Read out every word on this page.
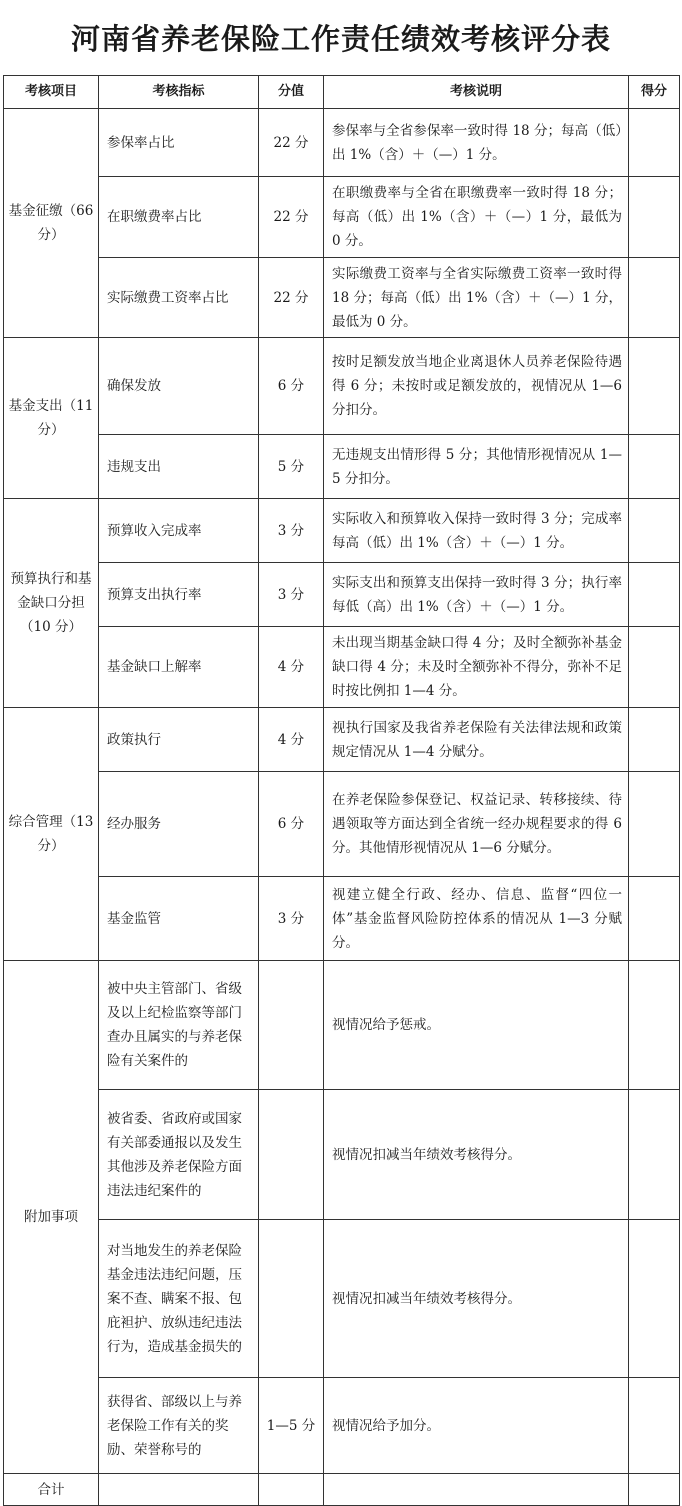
河南省养老保险工作责任绩效考核评分表
考核项目	考核指标	分值	考核说明	得分
基金征缴（66 分）	参保率占比	22 分	参保率与全省参保率一致时得 18 分；每高（低）出 1%（含）＋（—）1 分。	
	在职缴费率占比	22 分	在职缴费率与全省在职缴费率一致时得 18 分；每高（低）出 1%（含）＋（—）1 分，最低为 0 分。	
	实际缴费工资率占比	22 分	实际缴费工资率与全省实际缴费工资率一致时得 18 分；每高（低）出 1%（含）＋（—）1 分，最低为 0 分。	
基金支出（11 分）	确保发放	6 分	按时足额发放当地企业离退休人员养老保险待遇得 6 分；未按时或足额发放的，视情况从 1—6 分扣分。	
	违规支出	5 分	无违规支出情形得 5 分；其他情形视情况从 1—5 分扣分。	
预算执行和基金缺口分担（10 分）	预算收入完成率	3 分	实际收入和预算收入保持一致时得 3 分；完成率每高（低）出 1%（含）＋（—）1 分。	
	预算支出执行率	3 分	实际支出和预算支出保持一致时得 3 分；执行率每低（高）出 1%（含）＋（—）1 分。	
	基金缺口上解率	4 分	未出现当期基金缺口得 4 分；及时全额弥补基金缺口得 4 分；未及时全额弥补不得分，弥补不足时按比例扣 1—4 分。	
综合管理（13 分）	政策执行	4 分	视执行国家及我省养老保险有关法律法规和政策规定情况从 1—4 分赋分。	
	经办服务	6 分	在养老保险参保登记、权益记录、转移接续、待遇领取等方面达到全省统一经办规程要求的得 6 分。其他情形视情况从 1—6 分赋分。	
	基金监管	3 分	视建立健全行政、经办、信息、监督“四位一体”基金监督风险防控体系的情况从 1—3 分赋分。	
附加事项	被中央主管部门、省级及以上纪检监察等部门查办且属实的与养老保险有关案件的		视情况给予惩戒。	
	被省委、省政府或国家有关部委通报以及发生其他涉及养老保险方面违法违纪案件的		视情况扣减当年绩效考核得分。	
	对当地发生的养老保险基金违法违纪问题，压案不查、瞒案不报、包庇袒护、放纵违纪违法行为，造成基金损失的		视情况扣减当年绩效考核得分。	
	获得省、部级以上与养老保险工作有关的奖励、荣誉称号的	1—5 分	视情况给予加分。	
合计				
